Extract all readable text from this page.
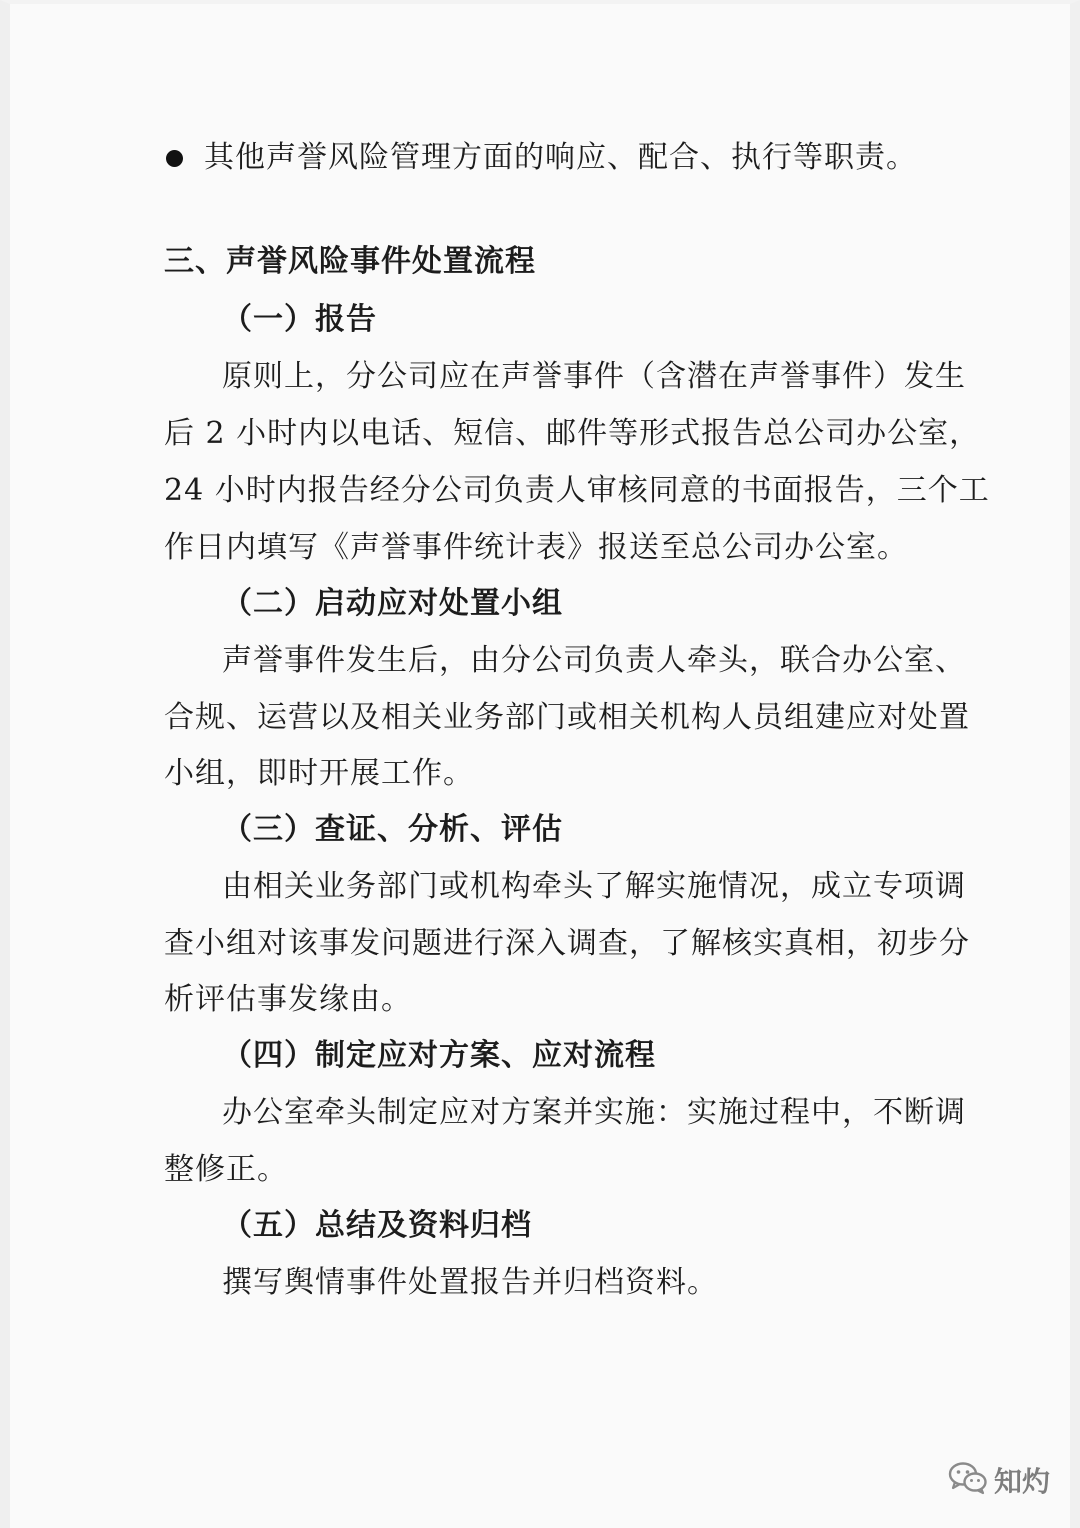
其他声誉风险管理方面的响应、配合、执行等职责。
三、声誉风险事件处置流程
（一）报告
原则上，分公司应在声誉事件（含潜在声誉事件）发生
后 2 小时内以电话、短信、邮件等形式报告总公司办公室，
24 小时内报告经分公司负责人审核同意的书面报告，三个工
作日内填写《声誉事件统计表》报送至总公司办公室。
（二）启动应对处置小组
声誉事件发生后，由分公司负责人牵头，联合办公室、
合规、运营以及相关业务部门或相关机构人员组建应对处置
小组，即时开展工作。
（三）查证、分析、评估
由相关业务部门或机构牵头了解实施情况，成立专项调
查小组对该事发问题进行深入调查，了解核实真相，初步分
析评估事发缘由。
（四）制定应对方案、应对流程
办公室牵头制定应对方案并实施：实施过程中，不断调
整修正。
（五）总结及资料归档
撰写舆情事件处置报告并归档资料。
知灼
